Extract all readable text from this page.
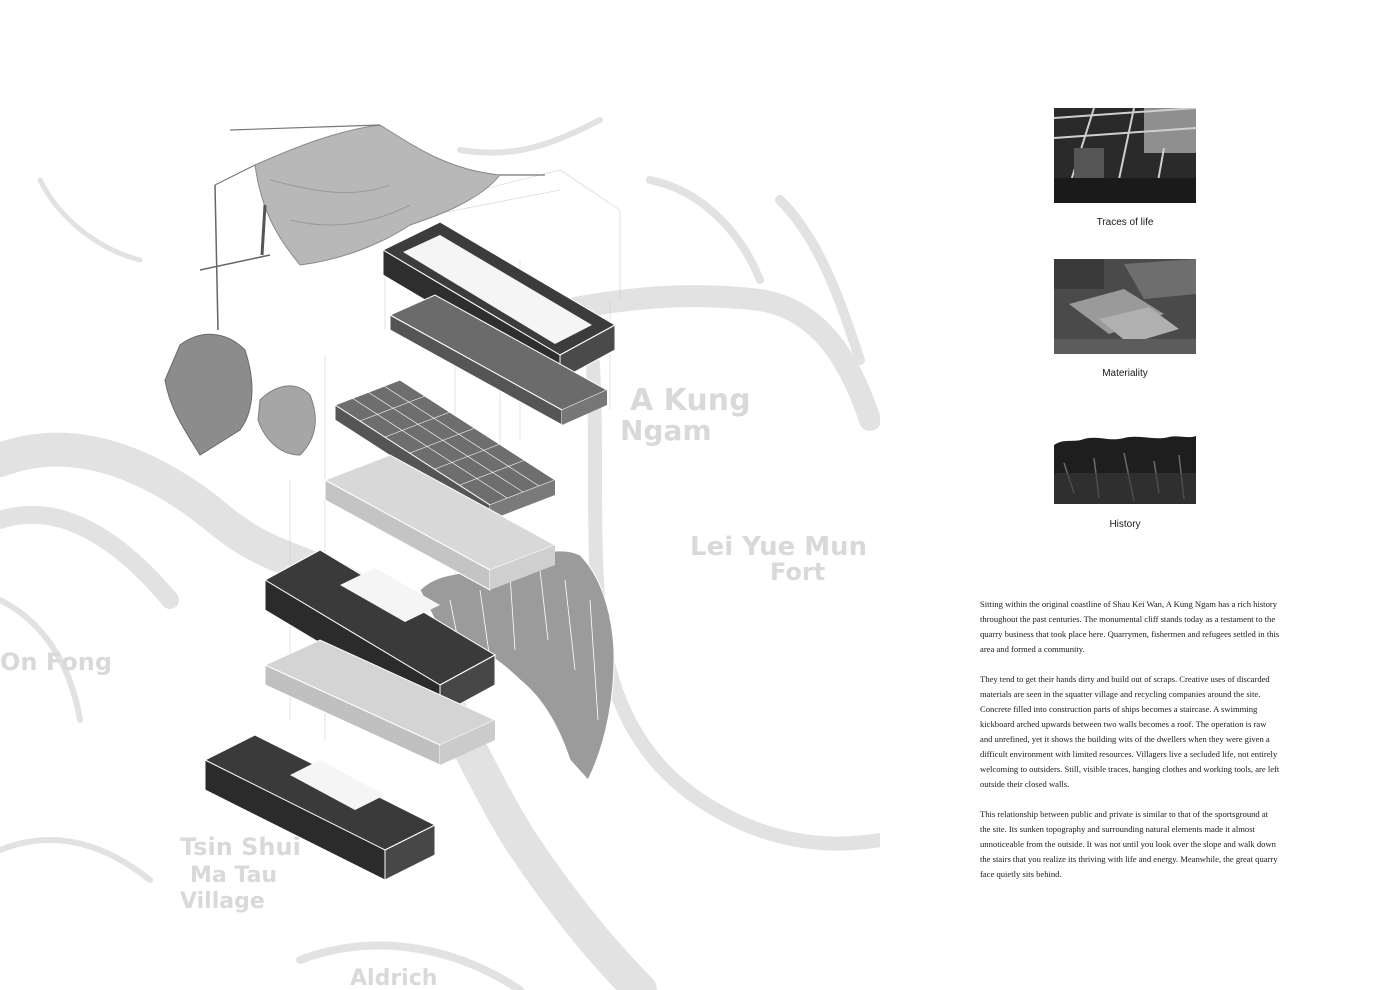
A Kung
Ngam
Lei Yue Mun
Fort
Tsin Shui
Ma Tau
Village
On Fong
Aldrich
Traces of life
Materiality
History

Sitting within the original coastline of Shau Kei Wan, A Kung Ngam has a rich history throughout the past centuries. The monumental cliff stands today as a testament to the quarry business that took place here. Quarrymen, fishermen and refugees settled in this area and formed a community.

They tend to get their hands dirty and build out of scraps. Creative uses of discarded materials are seen in the squatter village and recycling companies around the site. Concrete filled into construction parts of ships becomes a staircase. A swimming kickboard arched upwards between two walls becomes a roof. The operation is raw and unrefined, yet it shows the building wits of the dwellers when they were given a difficult environment with limited resources. Villagers live a secluded life, not entirely welcoming to outsiders. Still, visible traces, hanging clothes and working tools, are left outside their closed walls.

This relationship between public and private is similar to that of the sportsground at the site. Its sunken topography and surrounding natural elements made it almost unnoticeable from the outside. It was not until you look over the slope and walk down the stairs that you realize its thriving with life and energy. Meanwhile, the great quarry face quietly sits behind.
